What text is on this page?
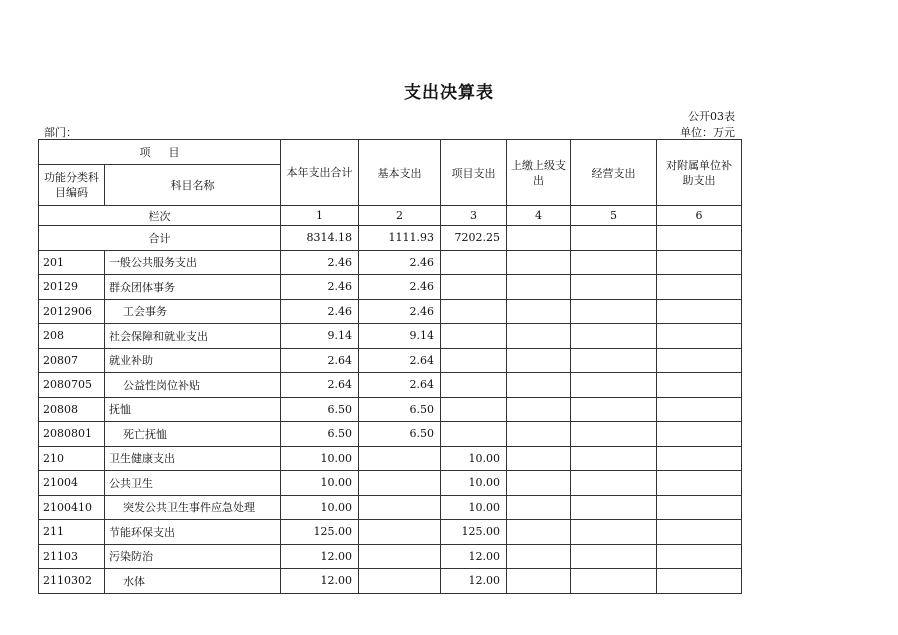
支出决算表
公开03表
部门：	单位：万元
项目		本年支出合计	基本支出	项目支出	上缴上级支出	经营支出	对附属单位补助支出
功能分类科目编码	科目名称						
栏次		1	2	3	4	5	6
合计		8314.18	1111.93	7202.25			
201	一般公共服务支出	2.46	2.46				
20129	群众团体事务	2.46	2.46				
2012906	工会事务	2.46	2.46				
208	社会保障和就业支出	9.14	9.14				
20807	就业补助	2.64	2.64				
2080705	公益性岗位补贴	2.64	2.64				
20808	抚恤	6.50	6.50				
2080801	死亡抚恤	6.50	6.50				
210	卫生健康支出	10.00		10.00			
21004	公共卫生	10.00		10.00			
2100410	突发公共卫生事件应急处理	10.00		10.00			
211	节能环保支出	125.00		125.00			
21103	污染防治	12.00		12.00			
2110302	水体	12.00		12.00			
